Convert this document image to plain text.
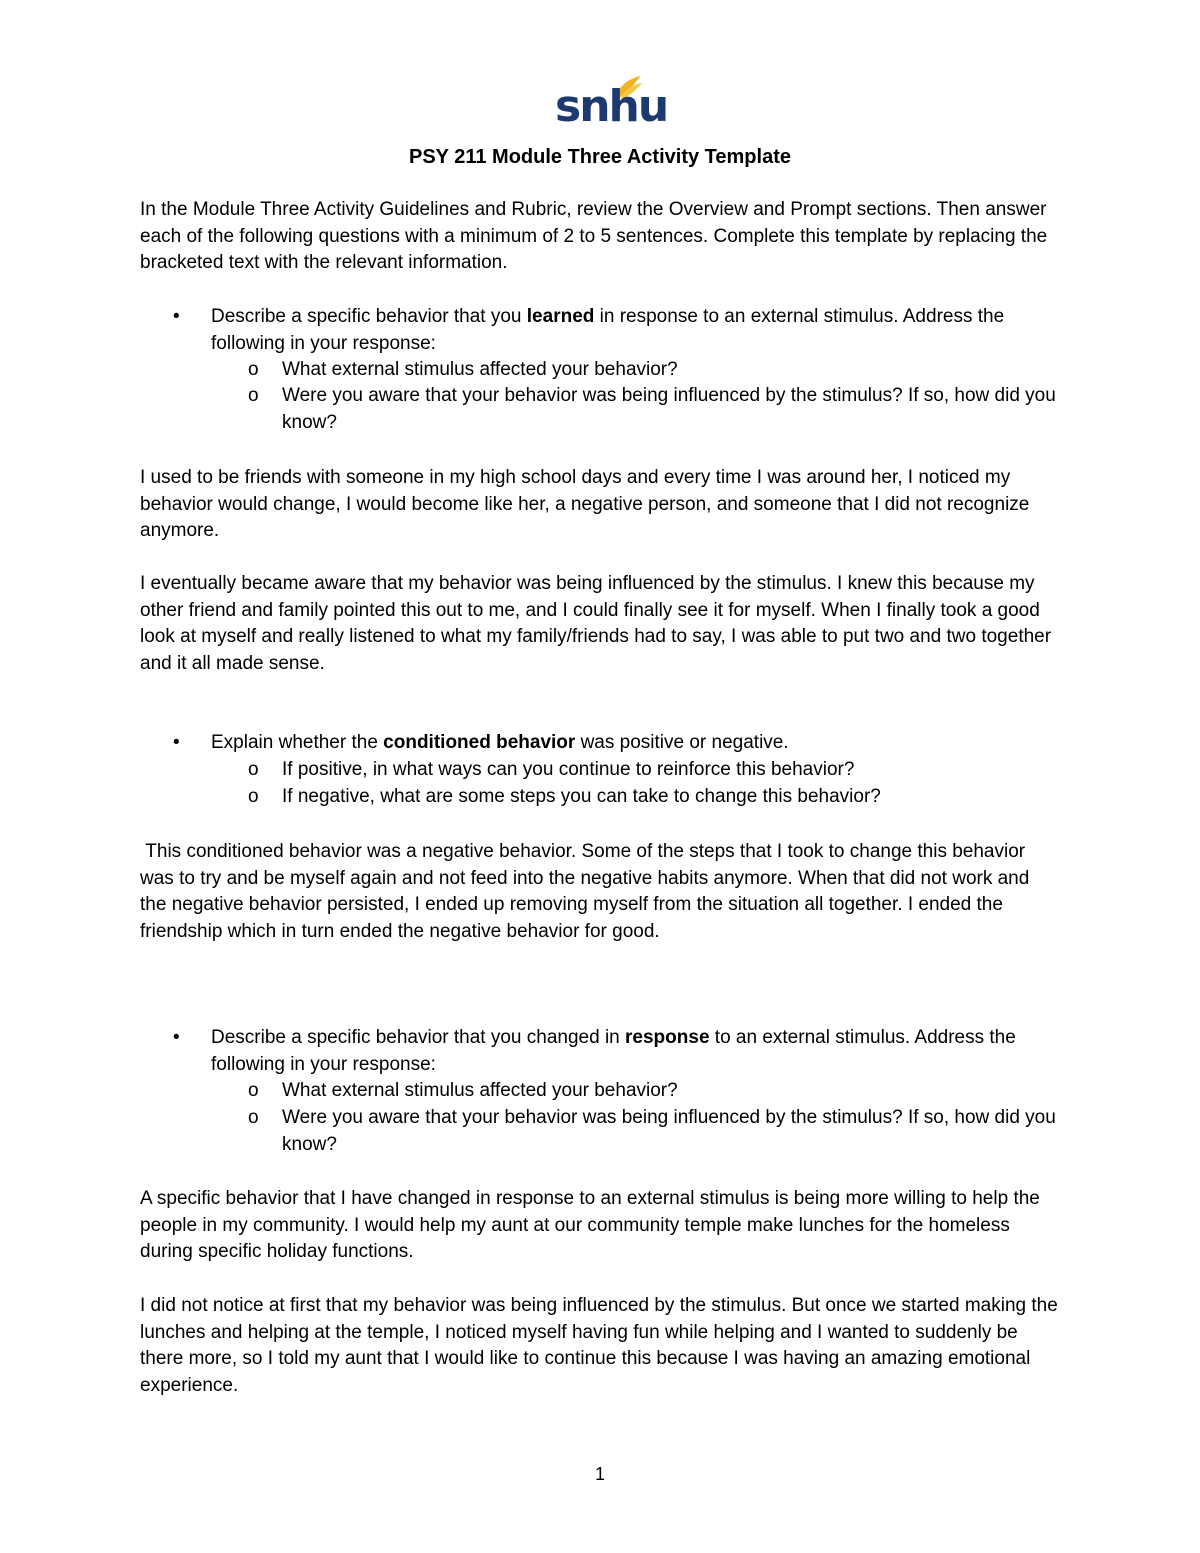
snhu
PSY 211 Module Three Activity Template

In the Module Three Activity Guidelines and Rubric, review the Overview and Prompt sections. Then answer each of the following questions with a minimum of 2 to 5 sentences. Complete this template by replacing the bracketed text with the relevant information.

• Describe a specific behavior that you learned in response to an external stimulus. Address the following in your response:
o What external stimulus affected your behavior?
o Were you aware that your behavior was being influenced by the stimulus? If so, how did you know?

I used to be friends with someone in my high school days and every time I was around her, I noticed my behavior would change, I would become like her, a negative person, and someone that I did not recognize anymore.

I eventually became aware that my behavior was being influenced by the stimulus. I knew this because my other friend and family pointed this out to me, and I could finally see it for myself. When I finally took a good look at myself and really listened to what my family/friends had to say, I was able to put two and two together and it all made sense.

• Explain whether the conditioned behavior was positive or negative.
o If positive, in what ways can you continue to reinforce this behavior?
o If negative, what are some steps you can take to change this behavior?

This conditioned behavior was a negative behavior. Some of the steps that I took to change this behavior was to try and be myself again and not feed into the negative habits anymore. When that did not work and the negative behavior persisted, I ended up removing myself from the situation all together. I ended the friendship which in turn ended the negative behavior for good.

• Describe a specific behavior that you changed in response to an external stimulus. Address the following in your response:
o What external stimulus affected your behavior?
o Were you aware that your behavior was being influenced by the stimulus? If so, how did you know?

A specific behavior that I have changed in response to an external stimulus is being more willing to help the people in my community. I would help my aunt at our community temple make lunches for the homeless during specific holiday functions.

I did not notice at first that my behavior was being influenced by the stimulus. But once we started making the lunches and helping at the temple, I noticed myself having fun while helping and I wanted to suddenly be there more, so I told my aunt that I would like to continue this because I was having an amazing emotional experience.

1
